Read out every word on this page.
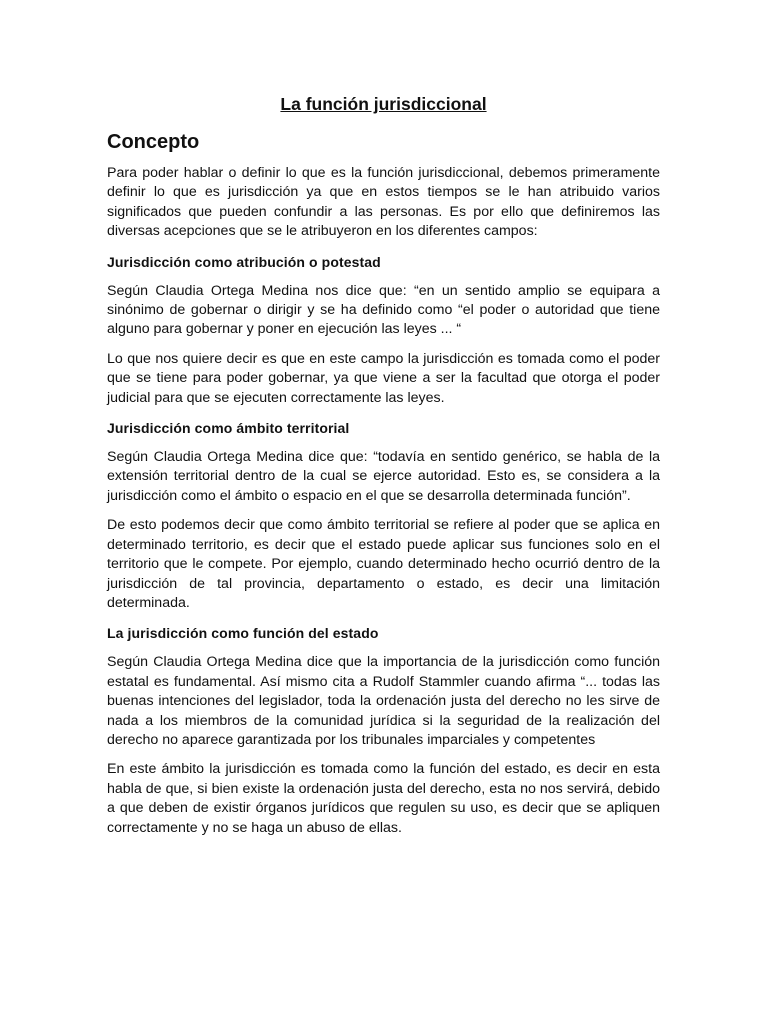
La función jurisdiccional
Concepto

Para poder hablar o definir lo que es la función jurisdiccional, debemos primeramente definir lo que es jurisdicción ya que en estos tiempos se le han atribuido varios significados que pueden confundir a las personas. Es por ello que definiremos las diversas acepciones que se le atribuyeron en los diferentes campos:

Jurisdicción como atribución o potestad

Según Claudia Ortega Medina nos dice que: “en un sentido amplio se equipara a sinónimo de gobernar o dirigir y se ha definido como “el poder o autoridad que tiene alguno para gobernar y poner en ejecución las leyes ... “

Lo que nos quiere decir es que en este campo la jurisdicción es tomada como el poder que se tiene para poder gobernar, ya que viene a ser la facultad que otorga el poder judicial para que se ejecuten correctamente las leyes.

Jurisdicción como ámbito territorial

Según Claudia Ortega Medina dice que: “todavía en sentido genérico, se habla de la extensión territorial dentro de la cual se ejerce autoridad. Esto es, se considera a la jurisdicción como el ámbito o espacio en el que se desarrolla determinada función”.

De esto podemos decir que como ámbito territorial se refiere al poder que se aplica en determinado territorio, es decir que el estado puede aplicar sus funciones solo en el territorio que le compete. Por ejemplo, cuando determinado hecho ocurrió dentro de la jurisdicción de tal provincia, departamento o estado, es decir una limitación determinada.

La jurisdicción como función del estado

Según Claudia Ortega Medina dice que la importancia de la jurisdicción como función estatal es fundamental. Así mismo cita a Rudolf Stammler cuando afirma “... todas las buenas intenciones del legislador, toda la ordenación justa del derecho no les sirve de nada a los miembros de la comunidad jurídica si la seguridad de la realización del derecho no aparece garantizada por los tribunales imparciales y competentes

En este ámbito la jurisdicción es tomada como la función del estado, es decir en esta habla de que, si bien existe la ordenación justa del derecho, esta no nos servirá, debido a que deben de existir órganos jurídicos que regulen su uso, es decir que se apliquen correctamente y no se haga un abuso de ellas.
